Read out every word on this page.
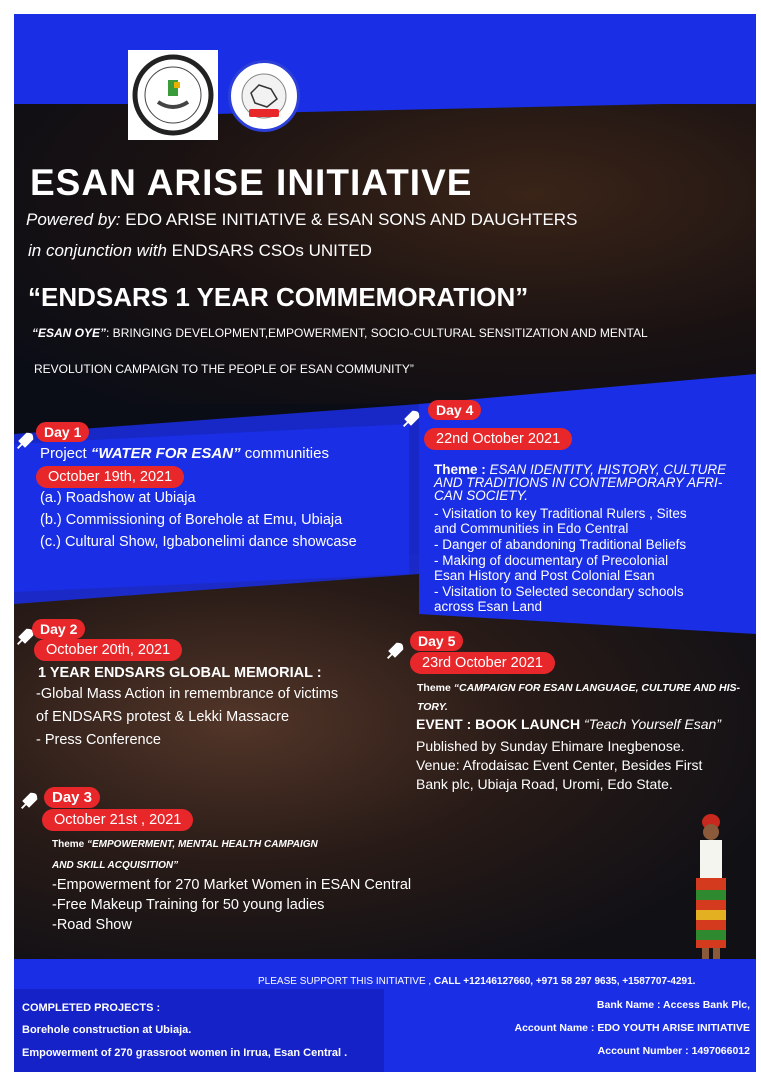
ESAN ARISE INITIATIVE
Powered by: EDO ARISE INITIATIVE & ESAN SONS AND DAUGHTERS
in conjunction with ENDSARS CSOs UNITED
“ENDSARS 1 YEAR COMMEMORATION”
“ESAN OYE”: BRINGING DEVELOPMENT,EMPOWERMENT, SOCIO-CULTURAL SENSITIZATION AND MENTAL
REVOLUTION CAMPAIGN TO THE PEOPLE OF ESAN COMMUNITY”
Day 1
Project “WATER FOR ESAN” communities
October 19th, 2021
(a.) Roadshow at Ubiaja
(b.) Commissioning of Borehole at Emu, Ubiaja
(c.) Cultural Show, Igbabonelimi dance showcase
Day 4
22nd October 2021
Theme : ESAN IDENTITY, HISTORY, CULTURE
AND TRADITIONS IN CONTEMPORARY AFRI-
CAN SOCIETY.
- Visitation to key Traditional Rulers , Sites
and Communities in Edo Central
- Danger of abandoning Traditional Beliefs
- Making of documentary of Precolonial
Esan History and Post Colonial Esan
- Visitation to Selected secondary schools
across Esan Land
Day 2
October 20th, 2021
1 YEAR ENDSARS GLOBAL MEMORIAL :
-Global Mass Action in remembrance of victims
of ENDSARS protest & Lekki Massacre
- Press Conference
Day 5
23rd October 2021
Theme “CAMPAIGN FOR ESAN LANGUAGE, CULTURE AND HIS-
TORY.
EVENT : BOOK LAUNCH “Teach Yourself Esan”
Published by Sunday Ehimare Inegbenose.
Venue: Afrodaisac Event Center, Besides First
Bank plc, Ubiaja Road, Uromi, Edo State.
Day 3
October 21st , 2021
Theme “EMPOWERMENT, MENTAL HEALTH CAMPAIGN
AND SKILL ACQUISITION”
-Empowerment for 270 Market Women in ESAN Central
-Free Makeup Training for 50 young ladies
-Road Show
PLEASE SUPPORT THIS INITIATIVE , CALL +12146127660, +971 58 297 9635, +1587707-4291.
COMPLETED PROJECTS :
Borehole construction at Ubiaja.
Empowerment of 270 grassroot women in Irrua, Esan Central .
Bank Name : Access Bank Plc,
Account Name : EDO YOUTH ARISE INITIATIVE
Account Number : 1497066012
